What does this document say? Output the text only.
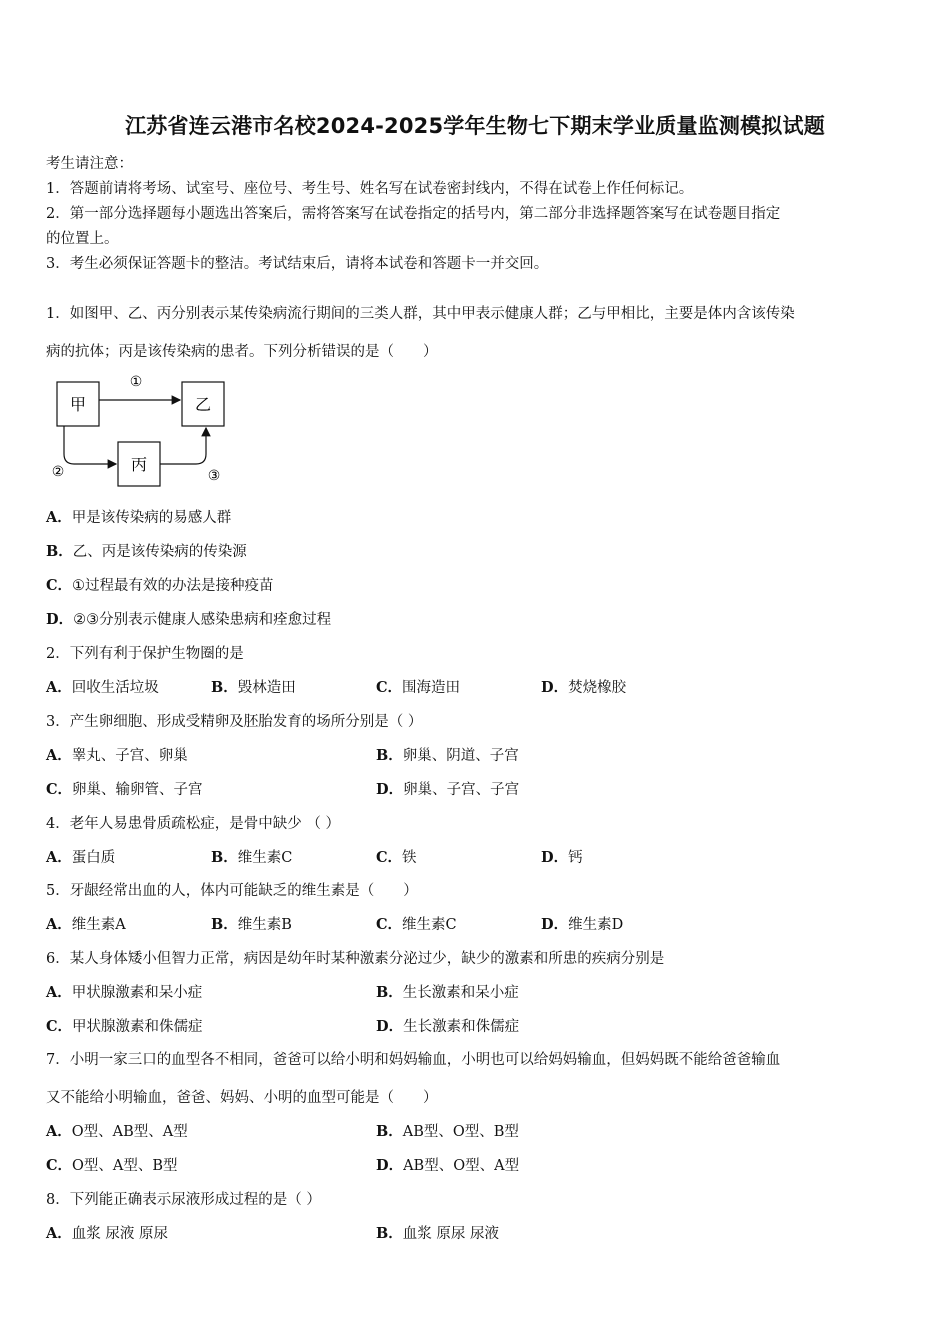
江苏省连云港市名校2024-2025学年生物七下期末学业质量监测模拟试题
考生请注意：
1．答题前请将考场、试室号、座位号、考生号、姓名写在试卷密封线内，不得在试卷上作任何标记。
2．第一部分选择题每小题选出答案后，需将答案写在试卷指定的括号内，第二部分非选择题答案写在试卷题目指定
的位置上。
3．考生必须保证答题卡的整洁。考试结束后，请将本试卷和答题卡一并交回。
1．如图甲、乙、丙分别表示某传染病流行期间的三类人群，其中甲表示健康人群；乙与甲相比，主要是体内含该传染
病的抗体；丙是该传染病的患者。下列分析错误的是（　　）
甲	乙
丙
①
②	③
A．甲是该传染病的易感人群
B．乙、丙是该传染病的传染源
C．①过程最有效的办法是接种疫苗
D．②③分别表示健康人感染患病和痊愈过程
2．下列有利于保护生物圈的是
A．回收生活垃圾	B．毁林造田	C．围海造田	D．焚烧橡胶
3．产生卵细胞、形成受精卵及胚胎发育的场所分别是（ ）
A．睾丸、子宫、卵巢	B．卵巢、阴道、子宫
C．卵巢、输卵管、子宫	D．卵巢、子宫、子宫
4．老年人易患骨质疏松症，是骨中缺少 （ ）
A．蛋白质	B．维生素C	C．铁	D．钙
5．牙龈经常出血的人，体内可能缺乏的维生素是（　　）
A．维生素A	B．维生素B	C．维生素C	D．维生素D
6．某人身体矮小但智力正常，病因是幼年时某种激素分泌过少，缺少的激素和所患的疾病分别是
A．甲状腺激素和呆小症	B．生长激素和呆小症
C．甲状腺激素和侏儒症	D．生长激素和侏儒症
7．小明一家三口的血型各不相同，爸爸可以给小明和妈妈输血，小明也可以给妈妈输血，但妈妈既不能给爸爸输血
又不能给小明输血，爸爸、妈妈、小明的血型可能是（　　）
A．O型、AB型、A型	B．AB型、O型、B型
C．O型、A型、B型	D．AB型、O型、A型
8．下列能正确表示尿液形成过程的是（ ）
A．血浆 尿液 原尿	B．血浆 原尿 尿液
